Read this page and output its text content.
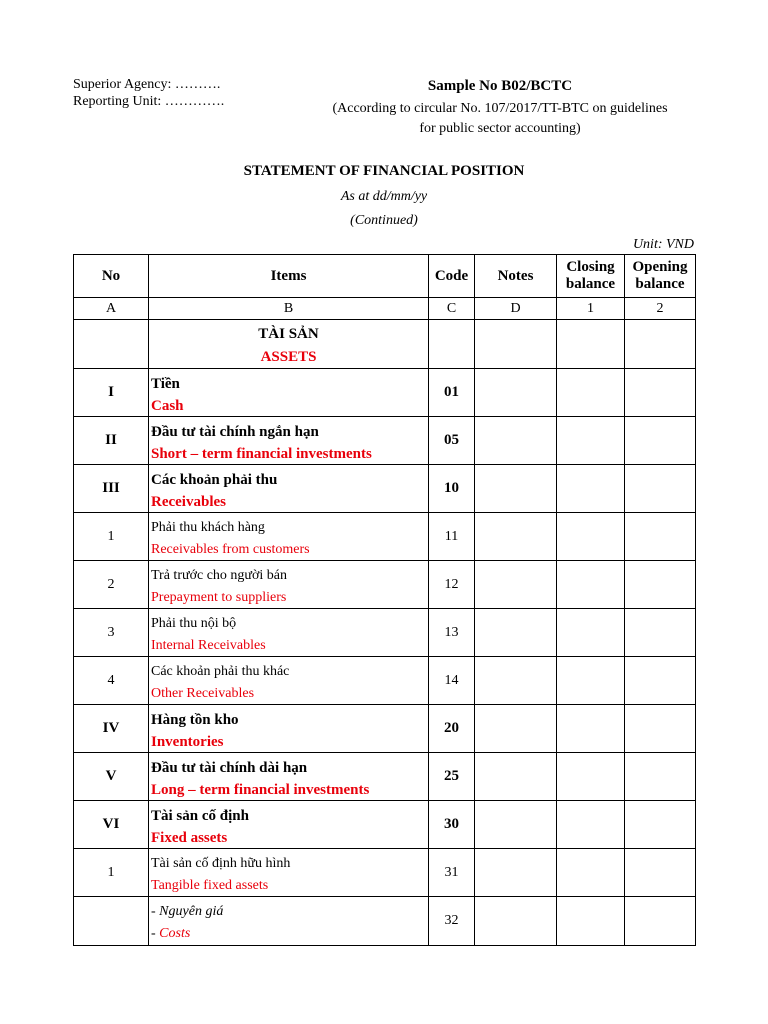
Superior Agency: ……….
Reporting Unit: ………….
Sample No B02/BCTC
(According to circular No. 107/2017/TT-BTC on guidelines
for public sector accounting)
STATEMENT OF FINANCIAL POSITION
As at dd/mm/yy
(Continued)
Unit: VND
No	Items	Code	Notes	Closing balance	Opening balance
A	B	C	D	1	2

	TÀI SẢN
ASSETS				

I	Tiền
Cash	01			
II	Đầu tư tài chính ngắn hạn
Short – term financial investments	05			
III	Các khoản phải thu
Receivables	10			
1	Phải thu khách hàng
Receivables from customers	11			
2	Trả trước cho người bán
Prepayment to suppliers	12			
3	Phải thu nội bộ
Internal Receivables	13			
4	Các khoản phải thu khác
Other Receivables	14			
IV	Hàng tồn kho
Inventories	20			
V	Đầu tư tài chính dài hạn
Long – term financial investments	25			
VI	Tài sản cố định
Fixed assets	30			
1	Tài sản cố định hữu hình
Tangible fixed assets	31			

	- Nguyên giá
- Costs	32			
